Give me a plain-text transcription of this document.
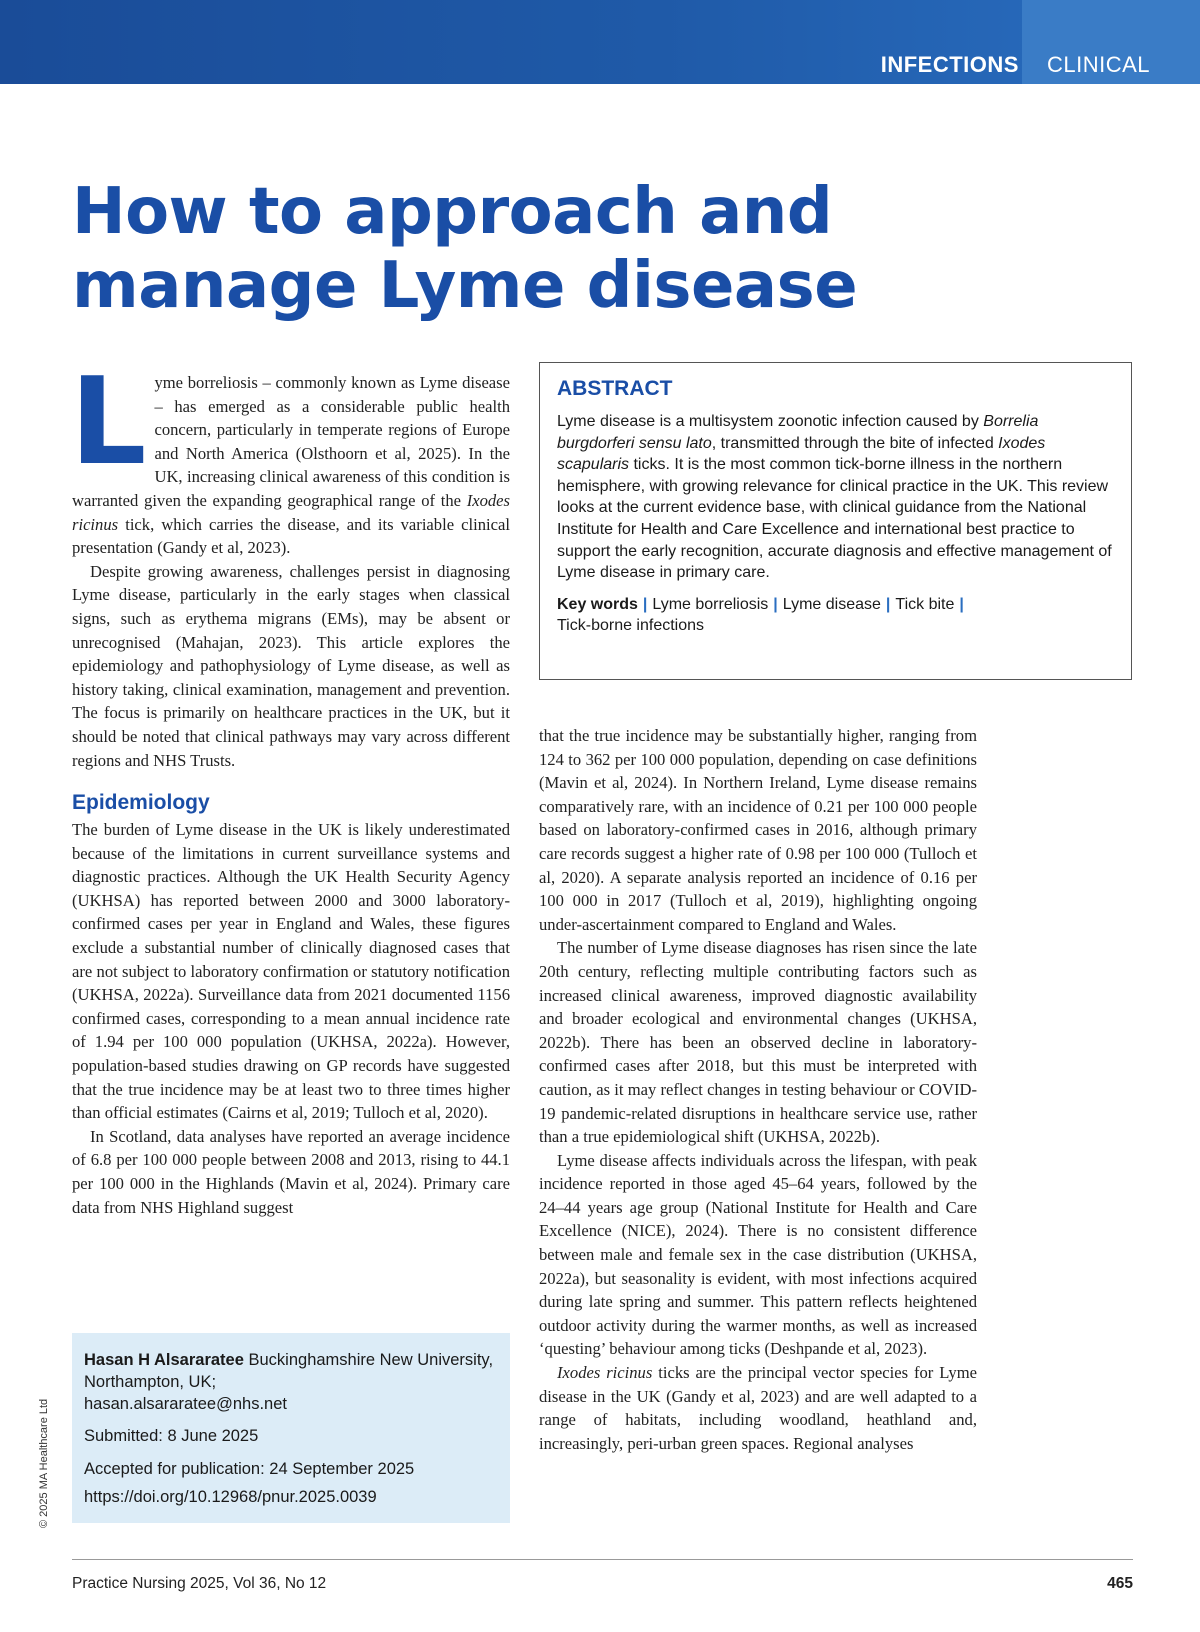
INFECTIONS CLINICAL
How to approach and manage Lyme disease

Lyme borreliosis – commonly known as Lyme disease – has emerged as a considerable public health concern, particularly in temperate regions of Europe and North America (Olsthoorn et al, 2025). In the UK, increasing clinical awareness of this condition is warranted given the expanding geographical range of the Ixodes ricinus tick, which carries the disease, and its variable clinical presentation (Gandy et al, 2023).

Despite growing awareness, challenges persist in diagnosing Lyme disease, particularly in the early stages when classical signs, such as erythema migrans (EMs), may be absent or unrecognised (Mahajan, 2023). This article explores the epidemiology and pathophysiology of Lyme disease, as well as history taking, clinical examination, management and prevention. The focus is primarily on healthcare practices in the UK, but it should be noted that clinical pathways may vary across different regions and NHS Trusts.

Epidemiology

The burden of Lyme disease in the UK is likely underestimated because of the limitations in current surveillance systems and diagnostic practices. Although the UK Health Security Agency (UKHSA) has reported between 2000 and 3000 laboratory-confirmed cases per year in England and Wales, these figures exclude a substantial number of clinically diagnosed cases that are not subject to laboratory confirmation or statutory notification (UKHSA, 2022a). Surveillance data from 2021 documented 1156 confirmed cases, corresponding to a mean annual incidence rate of 1.94 per 100 000 population (UKHSA, 2022a). However, population-based studies drawing on GP records have suggested that the true incidence may be at least two to three times higher than official estimates (Cairns et al, 2019; Tulloch et al, 2020).

In Scotland, data analyses have reported an average incidence of 6.8 per 100 000 people between 2008 and 2013, rising to 44.1 per 100 000 in the Highlands (Mavin et al, 2024). Primary care data from NHS Highland suggest

ABSTRACT

Lyme disease is a multisystem zoonotic infection caused by Borrelia burgdorferi sensu lato, transmitted through the bite of infected Ixodes scapularis ticks. It is the most common tick-borne illness in the northern hemisphere, with growing relevance for clinical practice in the UK. This review looks at the current evidence base, with clinical guidance from the National Institute for Health and Care Excellence and international best practice to support the early recognition, accurate diagnosis and effective management of Lyme disease in primary care.

Key words | Lyme borreliosis | Lyme disease | Tick bite |
Tick-borne infections

that the true incidence may be substantially higher, ranging from 124 to 362 per 100 000 population, depending on case definitions (Mavin et al, 2024). In Northern Ireland, Lyme disease remains comparatively rare, with an incidence of 0.21 per 100 000 people based on laboratory-confirmed cases in 2016, although primary care records suggest a higher rate of 0.98 per 100 000 (Tulloch et al, 2020). A separate analysis reported an incidence of 0.16 per 100 000 in 2017 (Tulloch et al, 2019), highlighting ongoing under-ascertainment compared to England and Wales.

The number of Lyme disease diagnoses has risen since the late 20th century, reflecting multiple contributing factors such as increased clinical awareness, improved diagnostic availability and broader ecological and environmental changes (UKHSA, 2022b). There has been an observed decline in laboratory-confirmed cases after 2018, but this must be interpreted with caution, as it may reflect changes in testing behaviour or COVID-19 pandemic-related disruptions in healthcare service use, rather than a true epidemiological shift (UKHSA, 2022b).

Lyme disease affects individuals across the lifespan, with peak incidence reported in those aged 45–64 years, followed by the 24–44 years age group (National Institute for Health and Care Excellence (NICE), 2024). There is no consistent difference between male and female sex in the case distribution (UKHSA, 2022a), but seasonality is evident, with most infections acquired during late spring and summer. This pattern reflects heightened outdoor activity during the warmer months, as well as increased ‘questing’ behaviour among ticks (Deshpande et al, 2023).

Ixodes ricinus ticks are the principal vector species for Lyme disease in the UK (Gandy et al, 2023) and are well adapted to a range of habitats, including woodland, heathland and, increasingly, peri-urban green spaces. Regional analyses

Hasan H Alsararatee Buckinghamshire New University, Northampton, UK;
hasan.alsararatee@nhs.net
Submitted: 8 June 2025
Accepted for publication: 24 September 2025
https://doi.org/10.12968/pnur.2025.0039
© 2025 MA Healthcare Ltd
Practice Nursing 2025, Vol 36, No 12	465
